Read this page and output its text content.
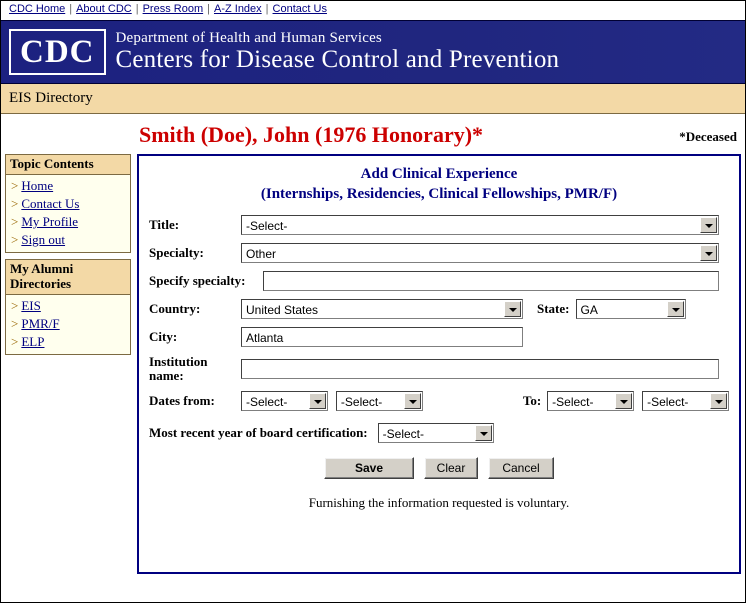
CDC Home | About CDC | Press Room | A-Z Index | Contact Us
CDC	Department of Health and Human Services
Centers for Disease Control and Prevention
EIS Directory
Smith (Doe), John (1976 Honorary)*	*Deceased
Topic Contents
> Home
> Contact Us
> My Profile
> Sign out
My Alumni Directories
> EIS
> PMR/F
> ELP
Add Clinical Experience
(Internships, Residencies, Clinical Fellowships, PMR/F)
Title:	-Select-
Specialty:	Other
Specify specialty:
Country:	United States	State: GA
City:	Atlanta
Institution name:
Dates from:	-Select-	-Select-	To: -Select-	-Select-
Most recent year of board certification:	-Select-
Save	Clear	Cancel
Furnishing the information requested is voluntary.
